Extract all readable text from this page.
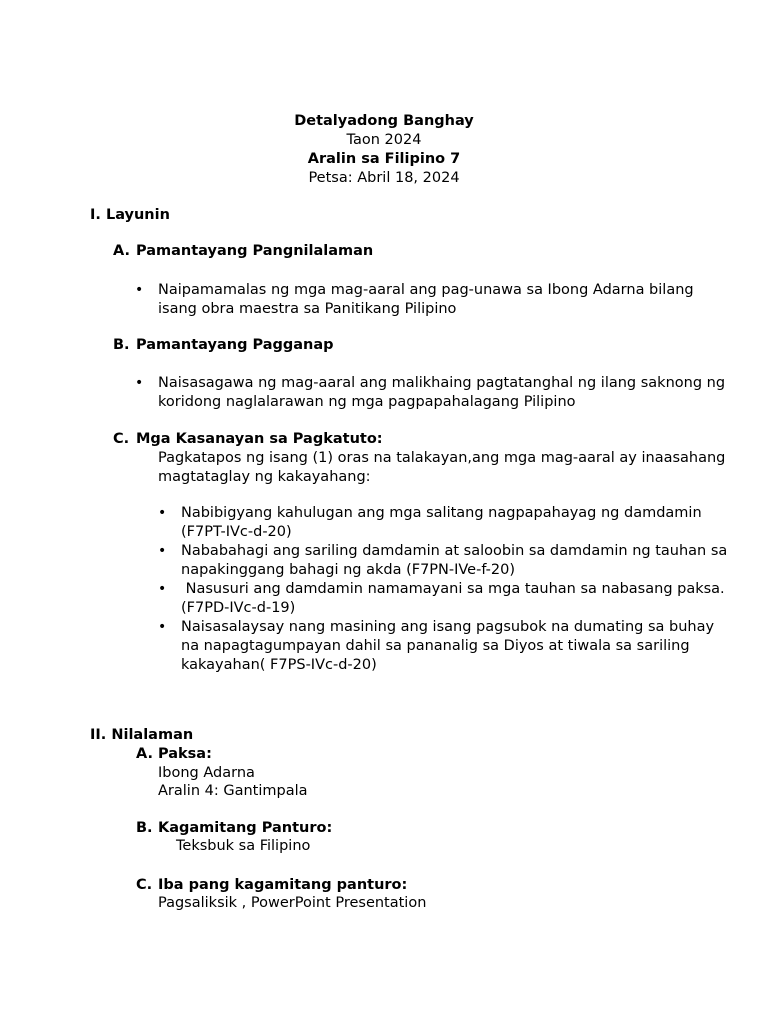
Detalyadong Banghay
Taon 2024
Aralin sa Filipino 7
Petsa: Abril 18, 2024
I. Layunin
A. Pamantayang Pangnilalaman
• Naipamamalas ng mga mag-aaral ang pag-unawa sa Ibong Adarna bilang
isang obra maestra sa Panitikang Pilipino
B. Pamantayang Pagganap
• Naisasagawa ng mag-aaral ang malikhaing pagtatanghal ng ilang saknong ng
koridong naglalarawan ng mga pagpapahalagang Pilipino
C. Mga Kasanayan sa Pagkatuto:
Pagkatapos ng isang (1) oras na talakayan,ang mga mag-aaral ay inaasahang
magtataglay ng kakayahang:
• Nabibigyang kahulugan ang mga salitang nagpapahayag ng damdamin
(F7PT-IVc-d-20)
• Nababahagi ang sariling damdamin at saloobin sa damdamin ng tauhan sa
napakinggang bahagi ng akda (F7PN-IVe-f-20)
• Nasusuri ang damdamin namamayani sa mga tauhan sa nabasang paksa.
(F7PD-IVc-d-19)
• Naisasalaysay nang masining ang isang pagsubok na dumating sa buhay
na napagtagumpayan dahil sa pananalig sa Diyos at tiwala sa sariling
kakayahan( F7PS-IVc-d-20)
II. Nilalaman
A. Paksa:
Ibong Adarna
Aralin 4: Gantimpala
B. Kagamitang Panturo:
Teksbuk sa Filipino
C. Iba pang kagamitang panturo:
Pagsaliksik , PowerPoint Presentation
